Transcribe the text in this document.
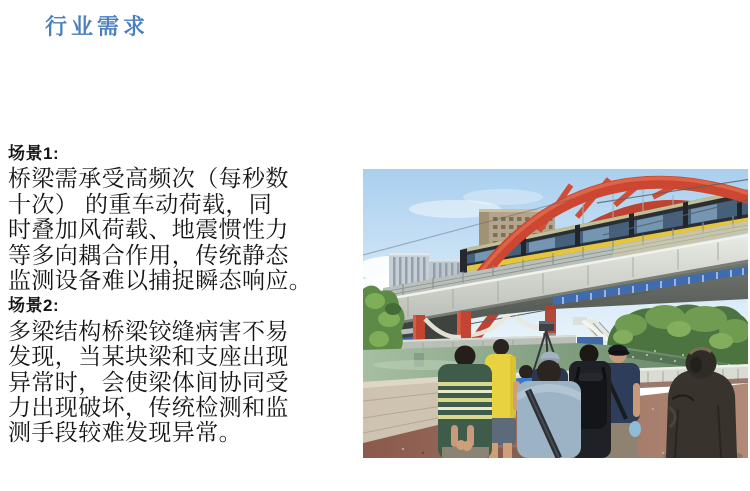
行业需求
场景1:
桥梁需承受高频次（每秒数
十次） 的重车动荷载，同
时叠加风荷载、地震惯性力
等多向耦合作用，传统静态
监测设备难以捕捉瞬态响应。
场景2:
多梁结构桥梁铰缝病害不易
发现，当某块梁和支座出现
异常时，会使梁体间协同受
力出现破坏，传统检测和监
测手段较难发现异常。
